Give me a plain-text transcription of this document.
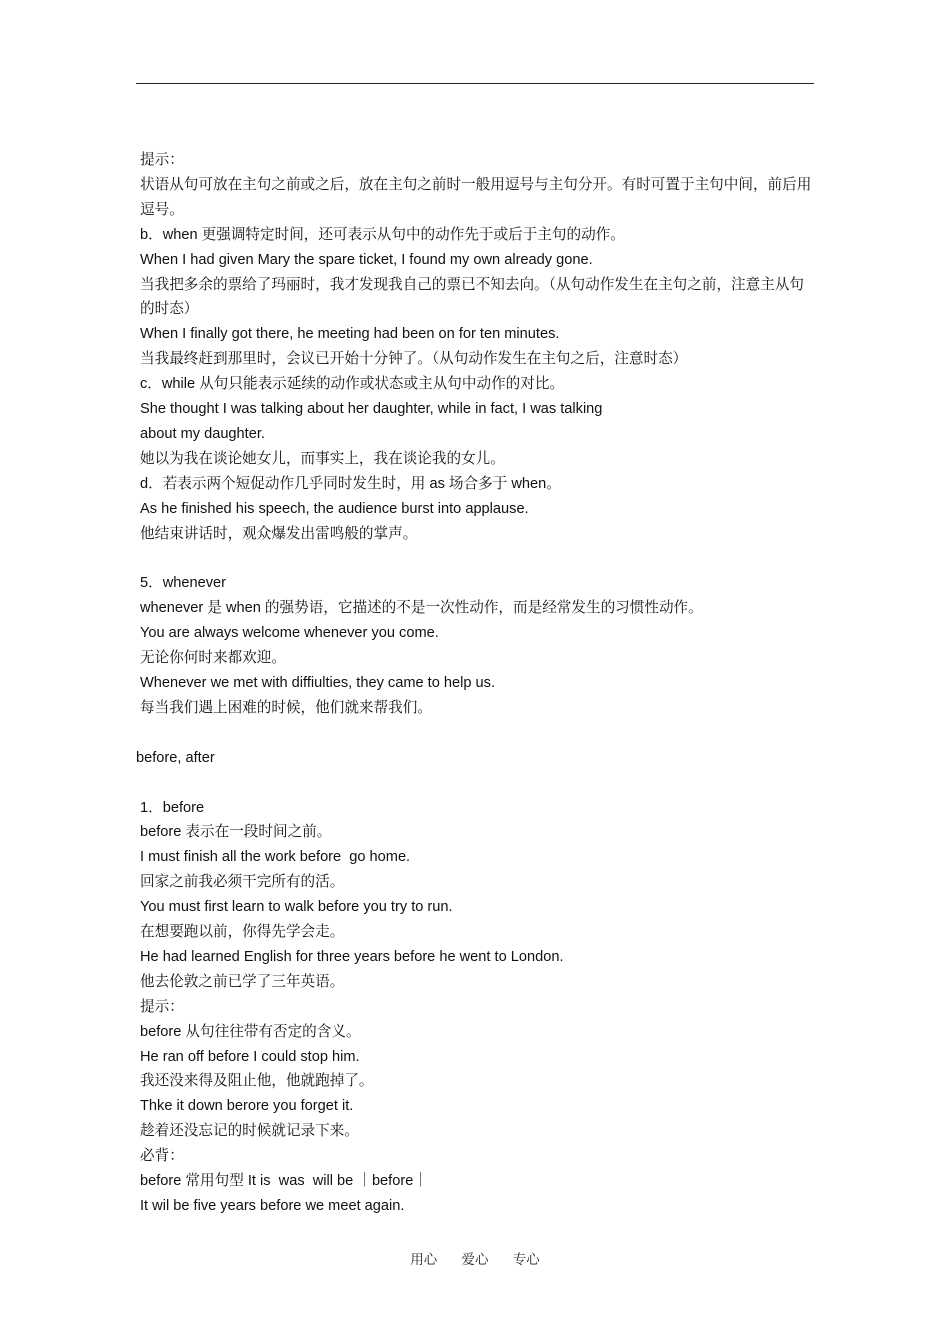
提示：
状语从句可放在主句之前或之后，放在主句之前时一般用逗号与主句分开。有时可置于主句中间，前后用逗号。
b．when 更强调特定时间，还可表示从句中的动作先于或后于主句的动作。
When I had given Mary the spare ticket, I found my own already gone.
当我把多余的票给了玛丽时，我才发现我自己的票已不知去向。（从句动作发生在主句之前，注意主从句的时态）
When I finally got there, he meeting had been on for ten minutes.
当我最终赶到那里时，会议已开始十分钟了。（从句动作发生在主句之后，注意时态）
c．while 从句只能表示延续的动作或状态或主从句中动作的对比。
She thought I was talking about her daughter, while in fact, I was talking
about my daughter.
她以为我在谈论她女儿，而事实上，我在谈论我的女儿。
d．若表示两个短促动作几乎同时发生时，用 as 场合多于 when。
As he finished his speech, the audience burst into applause.
他结束讲话时，观众爆发出雷鸣般的掌声。
5．whenever
whenever 是 when 的强势语，它描述的不是一次性动作，而是经常发生的习惯性动作。
You are always welcome whenever you come.
无论你何时来都欢迎。
Whenever we met with diffiulties, they came to help us.
每当我们遇上困难的时候，他们就来帮我们。
before, after
1．before
before 表示在一段时间之前。
I must finish all the work before  go home.
回家之前我必须干完所有的活。
You must first learn to walk before you try to run.
在想要跑以前，你得先学会走。
He had learned English for three years before he went to London.
他去伦敦之前已学了三年英语。
提示：
before 从句往往带有否定的含义。
He ran off before I could stop him.
我还没来得及阻止他，他就跑掉了。
Thke it down berore you forget it.
趁着还没忘记的时候就记录下来。
必背：
before 常用句型 It is  was  will be ｜before｜
It wil be five years before we meet again.
用心 爱心 专心
